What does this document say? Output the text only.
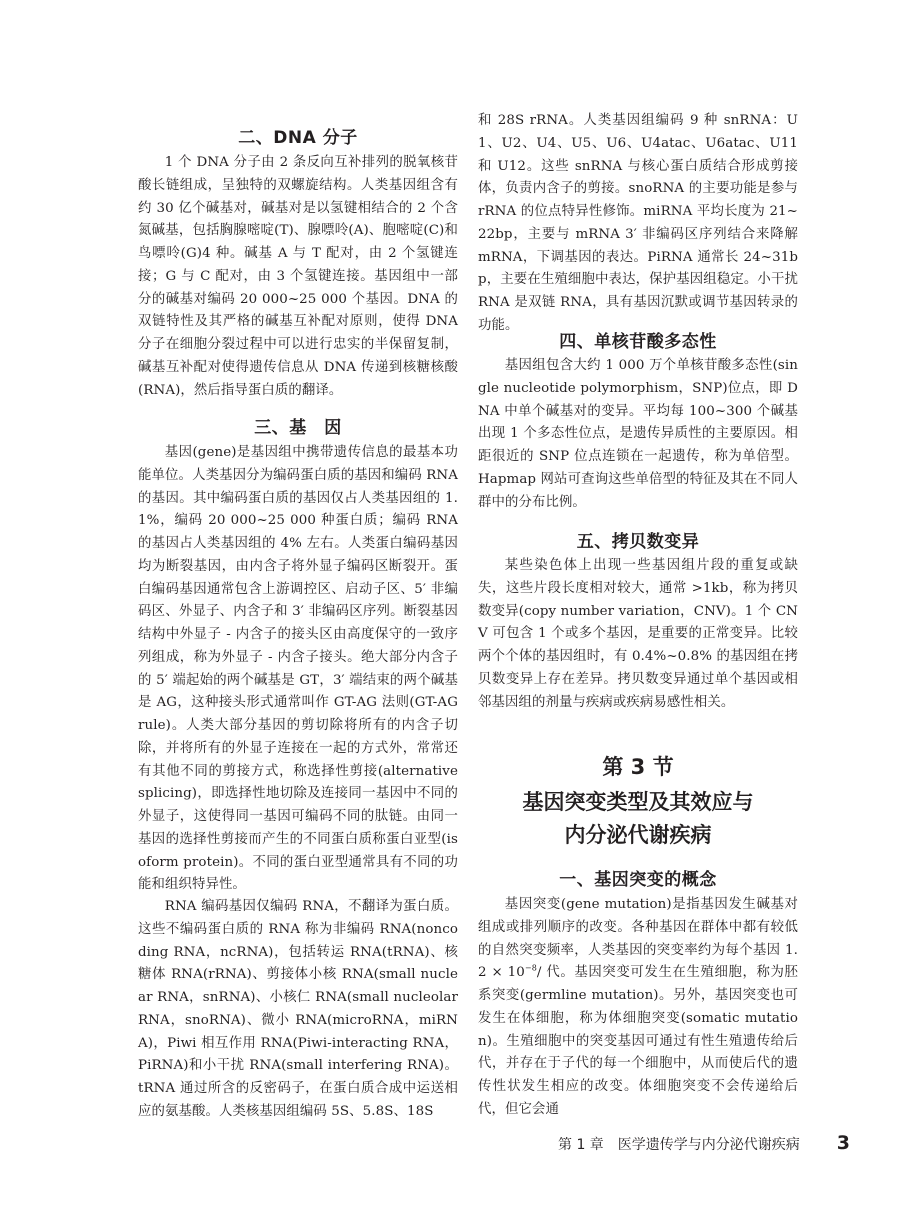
二、DNA 分子

1 个 DNA 分子由 2 条反向互补排列的脱氧核苷酸长链组成，呈独特的双螺旋结构。人类基因组含有约 30 亿个碱基对，碱基对是以氢键相结合的 2 个含氮碱基，包括胸腺嘧啶(T)、腺嘌呤(A)、胞嘧啶(C)和鸟嘌呤(G)4 种。碱基 A 与 T 配对，由 2 个氢键连接；G 与 C 配对，由 3 个氢键连接。基因组中一部分的碱基对编码 20 000~25 000 个基因。DNA 的双链特性及其严格的碱基互补配对原则，使得 DNA 分子在细胞分裂过程中可以进行忠实的半保留复制，碱基互补配对使得遗传信息从 DNA 传递到核糖核酸(RNA)，然后指导蛋白质的翻译。

三、基　因

基因(gene)是基因组中携带遗传信息的最基本功能单位。人类基因分为编码蛋白质的基因和编码 RNA 的基因。其中编码蛋白质的基因仅占人类基因组的 1.1%，编码 20 000~25 000 种蛋白质；编码 RNA 的基因占人类基因组的 4% 左右。人类蛋白编码基因均为断裂基因，由内含子将外显子编码区断裂开。蛋白编码基因通常包含上游调控区、启动子区、5′ 非编码区、外显子、内含子和 3′ 非编码区序列。断裂基因结构中外显子 - 内含子的接头区由高度保守的一致序列组成，称为外显子 - 内含子接头。绝大部分内含子的 5′ 端起始的两个碱基是 GT，3′ 端结束的两个碱基是 AG，这种接头形式通常叫作 GT-AG 法则(GT-AG rule)。人类大部分基因的剪切除将所有的内含子切除，并将所有的外显子连接在一起的方式外，常常还有其他不同的剪接方式，称选择性剪接(alternative splicing)，即选择性地切除及连接同一基因中不同的外显子，这使得同一基因可编码不同的肽链。由同一基因的选择性剪接而产生的不同蛋白质称蛋白亚型(isoform protein)。不同的蛋白亚型通常具有不同的功能和组织特异性。

RNA 编码基因仅编码 RNA，不翻译为蛋白质。这些不编码蛋白质的 RNA 称为非编码 RNA(noncoding RNA，ncRNA)，包括转运 RNA(tRNA)、核糖体 RNA(rRNA)、剪接体小核 RNA(small nuclear RNA，snRNA)、小核仁 RNA(small nucleolar RNA，snoRNA)、微小 RNA(microRNA，miRNA)，Piwi 相互作用 RNA(Piwi-interacting RNA，PiRNA)和小干扰 RNA(small interfering RNA)。tRNA 通过所含的反密码子，在蛋白质合成中运送相应的氨基酸。人类核基因组编码 5S、5.8S、18S

和 28S rRNA。人类基因组编码 9 种 snRNA：U1、U2、U4、U5、U6、U4atac、U6atac、U11 和 U12。这些 snRNA 与核心蛋白质结合形成剪接体，负责内含子的剪接。snoRNA 的主要功能是参与 rRNA 的位点特异性修饰。miRNA 平均长度为 21~22bp，主要与 mRNA 3′ 非编码区序列结合来降解 mRNA，下调基因的表达。PiRNA 通常长 24~31bp，主要在生殖细胞中表达，保护基因组稳定。小干扰 RNA 是双链 RNA，具有基因沉默或调节基因转录的功能。

四、单核苷酸多态性

基因组包含大约 1 000 万个单核苷酸多态性(single nucleotide polymorphism，SNP)位点，即 DNA 中单个碱基对的变异。平均每 100~300 个碱基出现 1 个多态性位点，是遗传异质性的主要原因。相距很近的 SNP 位点连锁在一起遗传，称为单倍型。Hapmap 网站可查询这些单倍型的特征及其在不同人群中的分布比例。

五、拷贝数变异

某些染色体上出现一些基因组片段的重复或缺失，这些片段长度相对较大，通常 >1kb，称为拷贝数变异(copy number variation，CNV)。1 个 CNV 可包含 1 个或多个基因，是重要的正常变异。比较两个个体的基因组时，有 0.4%~0.8% 的基因组在拷贝数变异上存在差异。拷贝数变异通过单个基因或相邻基因组的剂量与疾病或疾病易感性相关。

第 3 节
基因突变类型及其效应与
内分泌代谢疾病
一、基因突变的概念

基因突变(gene mutation)是指基因发生碱基对组成或排列顺序的改变。各种基因在群体中都有较低的自然突变频率，人类基因的突变率约为每个基因 $1.2 \times 10^{-8}/$ 代。基因突变可发生在生殖细胞，称为胚系突变(germline mutation)。另外，基因突变也可发生在体细胞，称为体细胞突变(somatic mutation)。生殖细胞中的突变基因可通过有性生殖遗传给后代，并存在于子代的每一个细胞中，从而使后代的遗传性状发生相应的改变。体细胞突变不会传递给后代，但它会通

第 1 章　医学遗传学与内分泌代谢疾病 3
